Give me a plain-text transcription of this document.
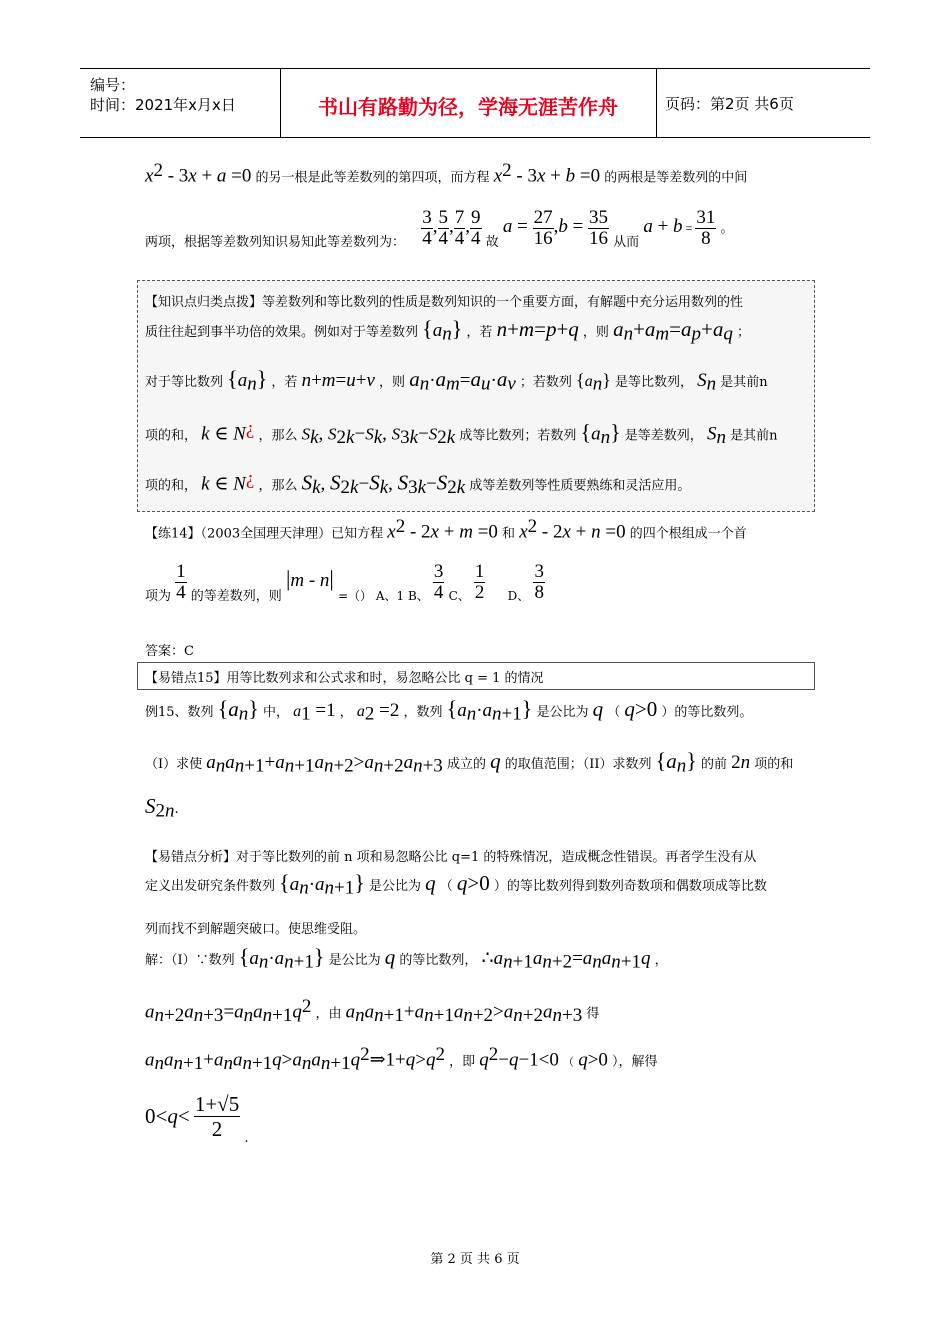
编号：
时间：2021年x月x日	书山有路勤为径，学海无涯苦作舟	页码：第2页 共6页
$x^2 - 3x + a =0$ 的另一根是此等差数列的第四项，而方程 $x^2 - 3x + b =0$ 的两根是等差数列的中间
两项，根据等差数列知识易知此等差数列为： $\frac{3}{4}$ , $\frac{5}{4}$ , $\frac{7}{4}$ , $\frac{9}{4}$ 故 $a = \frac{27}{16} ,b = \frac{35}{16}$ 从而 $a + b = \frac{31}{8}$ 。
【知识点归类点拨】等差数列和等比数列的性质是数列知识的一个重要方面，有解题中充分运用数列的性
质往往起到事半功倍的效果。例如对于等差数列 $\{a_n\}$ ，若 n+m=p+q ，则 $a_n+a_m=a_p+a_q$ ；
对于等比数列 $\{a_n\}$ ，若 n+m=u+v ，则 $a_n\cdot a_m=a_u\cdot a_v$ ；若数列 $\{a_n\}$ 是等比数列， $S_n$ 是其前n
项的和， k ∈ N¿ ，那么 $S_k$, $S_{2k}-S_k$, $S_{3k}-S_{2k}$ 成等比数列；若数列 $\{a_n\}$ 是等差数列， $S_n$ 是其前n
项的和， k ∈ N¿ ，那么 $S_k$, $S_{2k}-S_k$, $S_{3k}-S_{2k}$ 成等差数列等性质要熟练和灵活应用。
【练14】（2003全国理天津理）已知方程 $x^2 - 2x + m =0$ 和 $x^2 - 2x + n =0$ 的四个根组成一个首
项为 $\frac{1}{4}$ 的等差数列，则 |m - n| =（） A、1 B、 $\frac{3}{4}$ C、 $\frac{1}{2}$ D、 $\frac{3}{8}$
答案：C
【易错点15】用等比数列求和公式求和时，易忽略公比 q = 1 的情况
例15、数列 $\{a_n\}$ 中， $a_1 =1$ ， $a_2 =2$ ，数列 $\{a_n\cdot a_{n+1}\}$ 是公比为 q （ q>0 ）的等比数列。
（I）求使 $a_na_{n+1}+a_{n+1}a_{n+2}>a_{n+2}a_{n+3}$ 成立的 q 的取值范围；（II）求数列 $\{a_n\}$ 的前 2n 项的和
$S_{2n}$.
【易错点分析】对于等比数列的前 n 项和易忽略公比 q=1 的特殊情况，造成概念性错误。再者学生没有从
定义出发研究条件数列 $\{a_n\cdot a_{n+1}\}$ 是公比为 q （ q>0 ）的等比数列得到数列奇数项和偶数项成等比数
列而找不到解题突破口。使思维受阻。
解：（I）∵数列 $\{a_n\cdot a_{n+1}\}$ 是公比为 q 的等比数列， $\therefore a_{n+1}a_{n+2}=a_na_{n+1}q$ ，
$a_{n+2}a_{n+3}=a_na_{n+1}q^2$ ，由 $a_na_{n+1}+a_{n+1}a_{n+2}>a_{n+2}a_{n+3}$ 得
$a_na_{n+1}+a_na_{n+1}q>a_na_{n+1}q^2\Rightarrow 1+q>q^2$ ，即 $q^2-q-1<0$ （ q>0 ），解得
$0<q< \frac{1+√5}{2}$ .
第 2 页 共 6 页
